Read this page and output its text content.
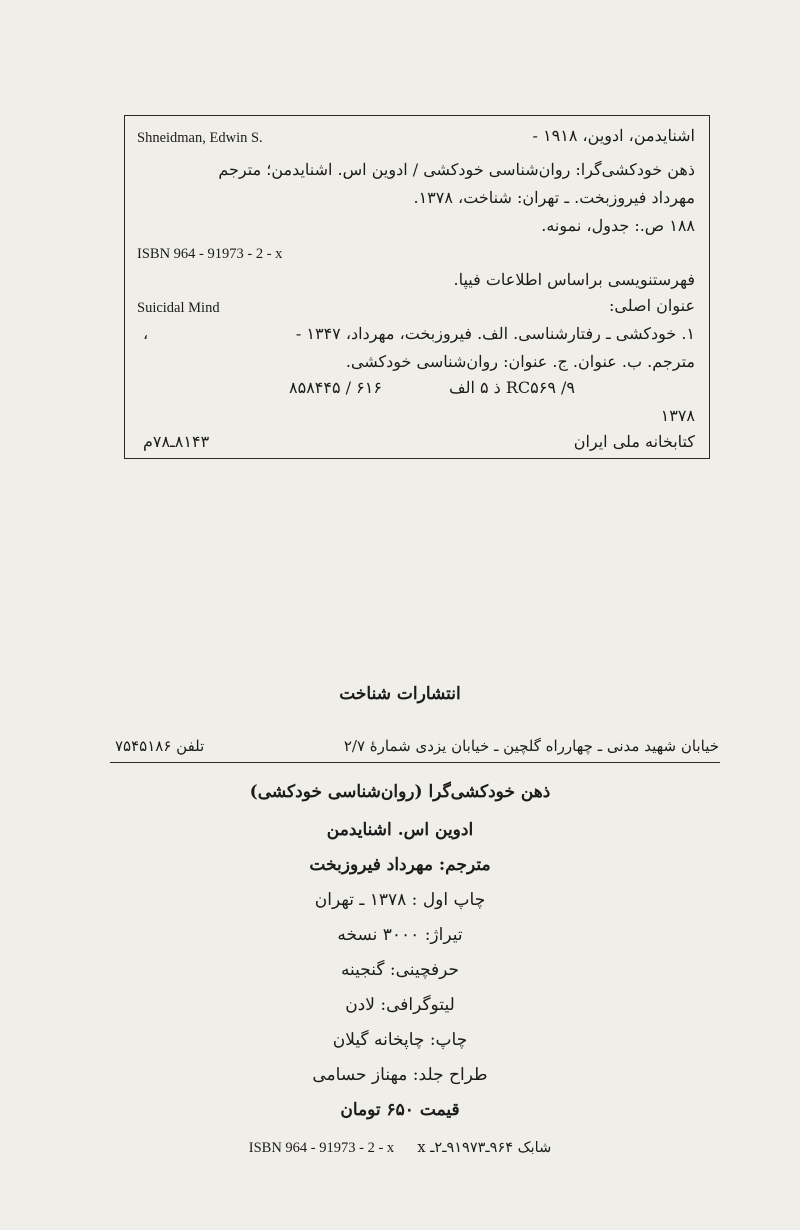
Shneidman, Edwin S.	اشنایدمن، ادوین، ۱۹۱۸ -
ذهن خودکشی‌گرا: روان‌شناسی خودکشی / ادوین اس. اشنایدمن؛ مترجم
مهرداد فیروزبخت. ـ تهران: شناخت، ۱۳۷۸.
۱۸۸ ص.: جدول، نمونه.
ISBN 964 - 91973 - 2 - x
فهرستنویسی براساس اطلاعات فیپا.
عنوان اصلی:
Suicidal Mind
۱. خودکشی ـ رفتارشناسی. الف. فیروزبخت، مهرداد، ۱۳۴۷ -
،
مترجم. ب. عنوان. ج. عنوان: روان‌شناسی خودکشی.
RC۵۶۹ /۹ ذ ۵ الف
۶۱۶ / ۸۵۸۴۴۵
۱۳۷۸
کتابخانه ملی ایران
۸۱۴۳ـ۷۸م
انتشارات شناخت
خیابان شهید مدنی ـ چهارراه گلچین ـ خیابان یزدی شمارهٔ ۲/۷
تلفن ۷۵۴۵۱۸۶
ذهن خودکشی‌گرا (روان‌شناسی خودکشی)
ادوین اس. اشنایدمن
مترجم: مهرداد فیروزبخت
چاپ اول : ۱۳۷۸ ـ تهران
تیراژ: ۳۰۰۰ نسخه
حرفچینی: گنجینه
لیتوگرافی: لادن
چاپ: چاپخانه گیلان
طراح جلد: مهناز حسامی
قیمت ۶۵۰ تومان
ISBN 964 - 91973 - 2 - x شابک ۹۶۴ـ۹۱۹۷۳ـ۲ـ x
